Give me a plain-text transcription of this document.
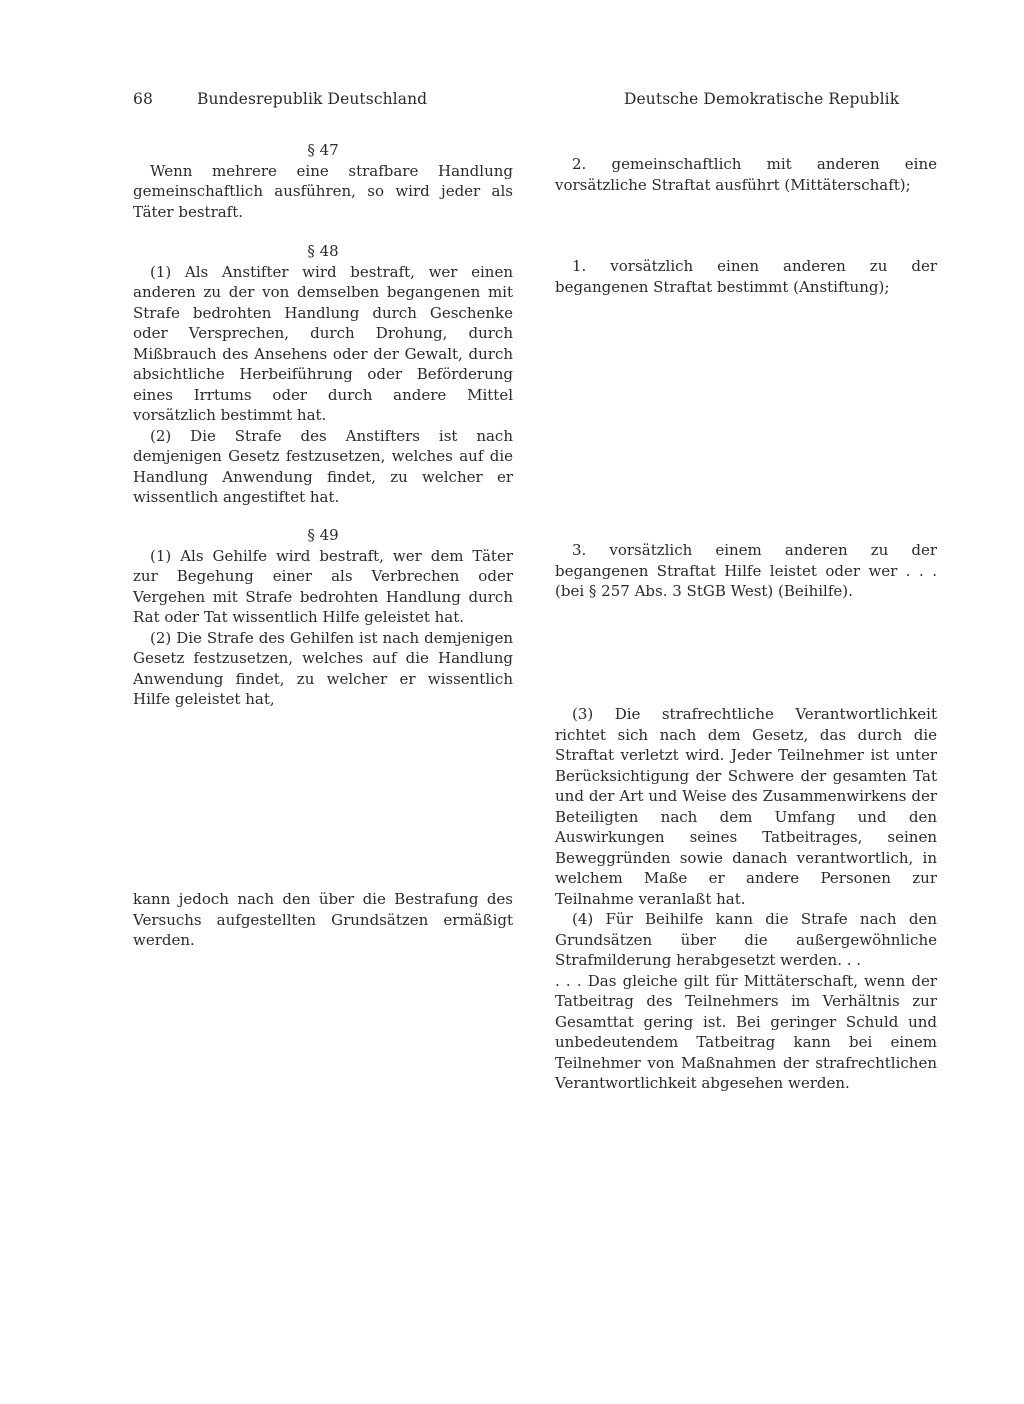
68	Bundesrepublik Deutschland	Deutsche Demokratische Republik
§ 47

Wenn mehrere eine strafbare Handlung gemeinschaftlich ausführen, so wird jeder als Täter bestraft.

§ 48

(1) Als Anstifter wird bestraft, wer einen anderen zu der von demselben begangenen mit Strafe bedrohten Handlung durch Geschenke oder Versprechen, durch Drohung, durch Mißbrauch des Ansehens oder der Gewalt, durch absichtliche Herbeiführung oder Beförderung eines Irrtums oder durch andere Mittel vorsätzlich bestimmt hat.

(2) Die Strafe des Anstifters ist nach demjenigen Gesetz festzusetzen, welches auf die Handlung Anwendung findet, zu welcher er wissentlich angestiftet hat.

§ 49

(1) Als Gehilfe wird bestraft, wer dem Täter zur Begehung einer als Verbrechen oder Vergehen mit Strafe bedrohten Handlung durch Rat oder Tat wissentlich Hilfe geleistet hat.

(2) Die Strafe des Gehilfen ist nach demjenigen Gesetz festzusetzen, welches auf die Handlung Anwendung findet, zu welcher er wissentlich Hilfe geleistet hat,

kann jedoch nach den über die Bestrafung des Versuchs aufgestellten Grundsätzen ermäßigt werden.

2. gemeinschaftlich mit anderen eine vorsätzliche Straftat ausführt (Mittäterschaft);

1. vorsätzlich einen anderen zu der begangenen Straftat bestimmt (Anstiftung);

3. vorsätzlich einem anderen zu der begangenen Straftat Hilfe leistet oder wer . . . (bei § 257 Abs. 3 StGB West) (Beihilfe).

(3) Die strafrechtliche Verantwortlichkeit richtet sich nach dem Gesetz, das durch die Straftat verletzt wird. Jeder Teilnehmer ist unter Berücksichtigung der Schwere der gesamten Tat und der Art und Weise des Zusammenwirkens der Beteiligten nach dem Umfang und den Auswirkungen seines Tatbeitrages, seinen Beweggründen sowie danach verantwortlich, in welchem Maße er andere Personen zur Teilnahme veranlaßt hat.

(4) Für Beihilfe kann die Strafe nach den Grundsätzen über die außergewöhnliche Strafmilderung herabgesetzt werden. . .

. . . Das gleiche gilt für Mittäterschaft, wenn der Tatbeitrag des Teilnehmers im Verhältnis zur Gesamttat gering ist. Bei geringer Schuld und unbedeutendem Tatbeitrag kann bei einem Teilnehmer von Maßnahmen der strafrechtlichen Verantwortlichkeit abgesehen werden.
